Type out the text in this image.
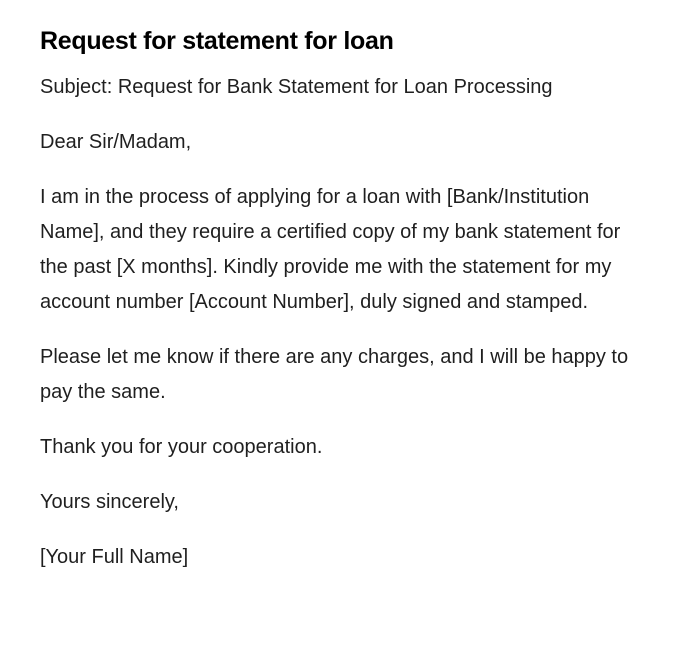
Request for statement for loan

Subject: Request for Bank Statement for Loan Processing

Dear Sir/Madam,

I am in the process of applying for a loan with [Bank/Institution Name], and they require a certified copy of my bank statement for the past [X months]. Kindly provide me with the statement for my account number [Account Number], duly signed and stamped.

Please let me know if there are any charges, and I will be happy to pay the same.

Thank you for your cooperation.

Yours sincerely,

[Your Full Name]
